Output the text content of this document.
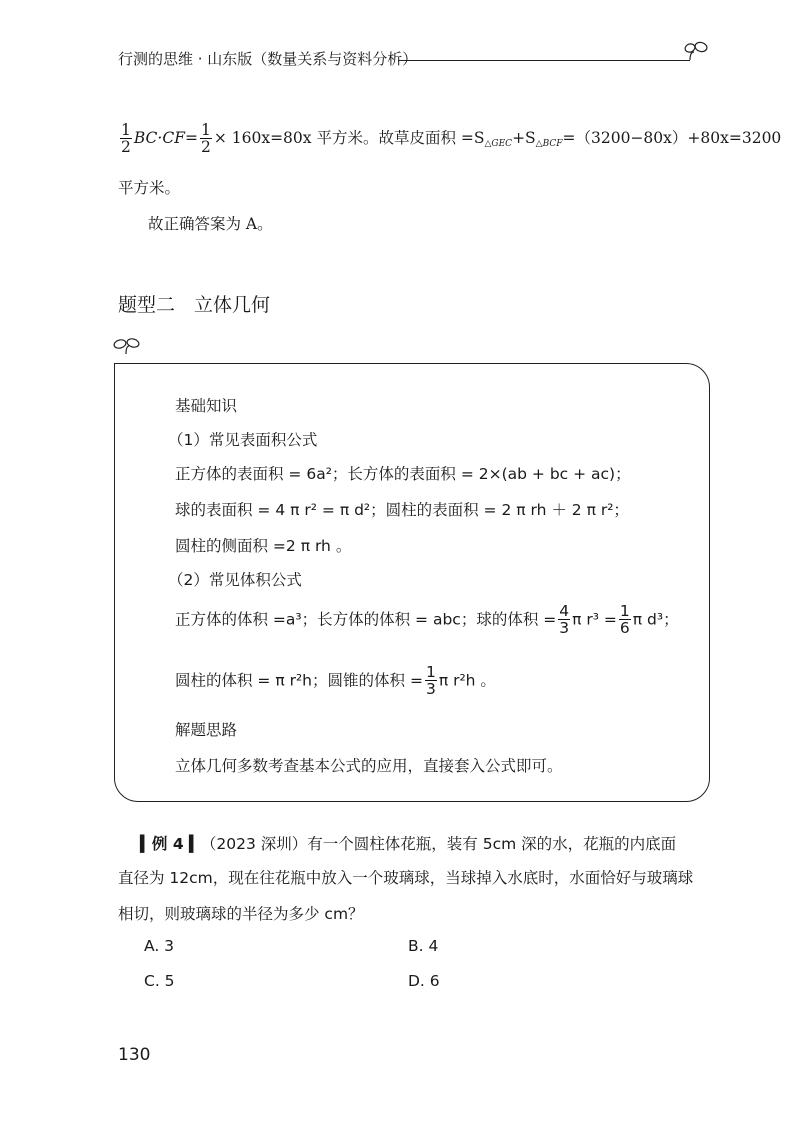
行测的思维 · 山东版（数量关系与资料分析）
$\frac{1}{2} BC\cdot CF= \frac{1}{2} \times 160x=80x$ 平方米。故草皮面积 $=S_{\triangle GEC}+S_{\triangle BCF}=(3200-80x)+80x=3200$
平方米。
故正确答案为 A。
题型二　立体几何
基础知识
（1）常见表面积公式
正方体的表面积 = 6a²；长方体的表面积 = 2×(ab + bc + ac)；
球的表面积 = 4 π r² = π d²；圆柱的表面积 = 2 π rh ＋ 2 π r²；
圆柱的侧面积 =2 π rh 。
（2）常见体积公式
正方体的体积 =a³；长方体的体积 = abc；球的体积 = $\frac{4}{3}$ π $r^3 = \frac{1}{6}$ π d³；
圆柱的体积 = π r²h；圆锥的体积 = $\frac{1}{3}$ π r²h 。
解题思路
立体几何多数考查基本公式的应用，直接套入公式即可。
▍例 4 ▍（2023 深圳）有一个圆柱体花瓶，装有 5cm 深的水，花瓶的内底面
直径为 12cm，现在往花瓶中放入一个玻璃球，当球掉入水底时，水面恰好与玻璃球
相切，则玻璃球的半径为多少 cm？
A. 3	B. 4
C. 5	D. 6
130
